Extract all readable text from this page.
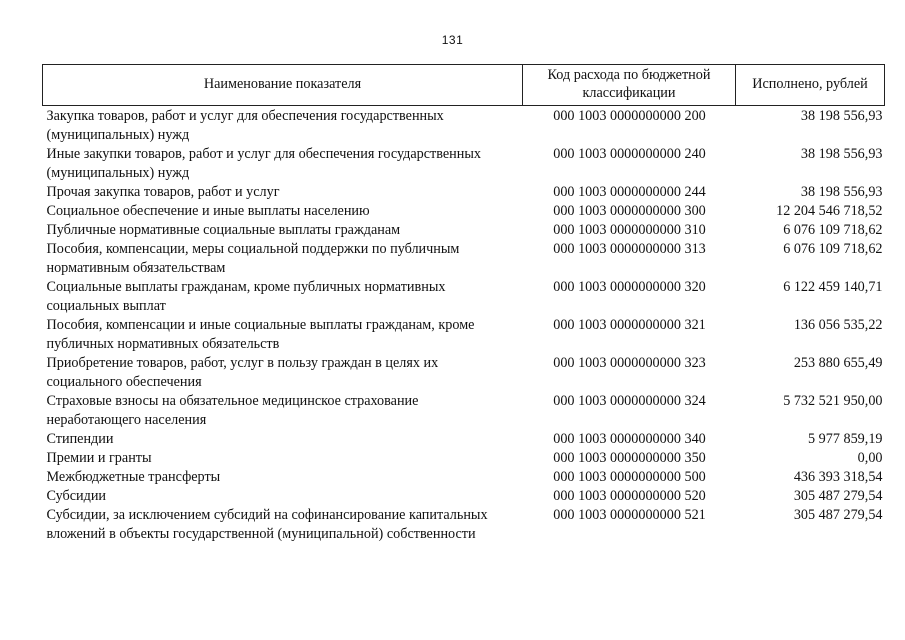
131
Наименование показателя	Код расхода по бюджетной классификации	Исполнено, рублей
Закупка товаров, работ и услуг для обеспечения государственных (муниципальных) нужд	000 1003 0000000000 200	38 198 556,93
Иные закупки товаров, работ и услуг для обеспечения государственных (муниципальных) нужд	000 1003 0000000000 240	38 198 556,93
Прочая закупка товаров, работ и услуг	000 1003 0000000000 244	38 198 556,93
Социальное обеспечение и иные выплаты населению	000 1003 0000000000 300	12 204 546 718,52
Публичные нормативные социальные выплаты гражданам	000 1003 0000000000 310	6 076 109 718,62
Пособия, компенсации, меры социальной поддержки по публичным нормативным обязательствам	000 1003 0000000000 313	6 076 109 718,62
Социальные выплаты гражданам, кроме публичных нормативных социальных выплат	000 1003 0000000000 320	6 122 459 140,71
Пособия, компенсации и иные социальные выплаты гражданам, кроме публичных нормативных обязательств	000 1003 0000000000 321	136 056 535,22
Приобретение товаров, работ, услуг в пользу граждан в целях их социального обеспечения	000 1003 0000000000 323	253 880 655,49
Страховые взносы на обязательное медицинское страхование неработающего населения	000 1003 0000000000 324	5 732 521 950,00
Стипендии	000 1003 0000000000 340	5 977 859,19
Премии и гранты	000 1003 0000000000 350	0,00
Межбюджетные трансферты	000 1003 0000000000 500	436 393 318,54
Субсидии	000 1003 0000000000 520	305 487 279,54
Субсидии, за исключением субсидий на софинансирование капитальных вложений в объекты государственной (муниципальной) собственности	000 1003 0000000000 521	305 487 279,54
